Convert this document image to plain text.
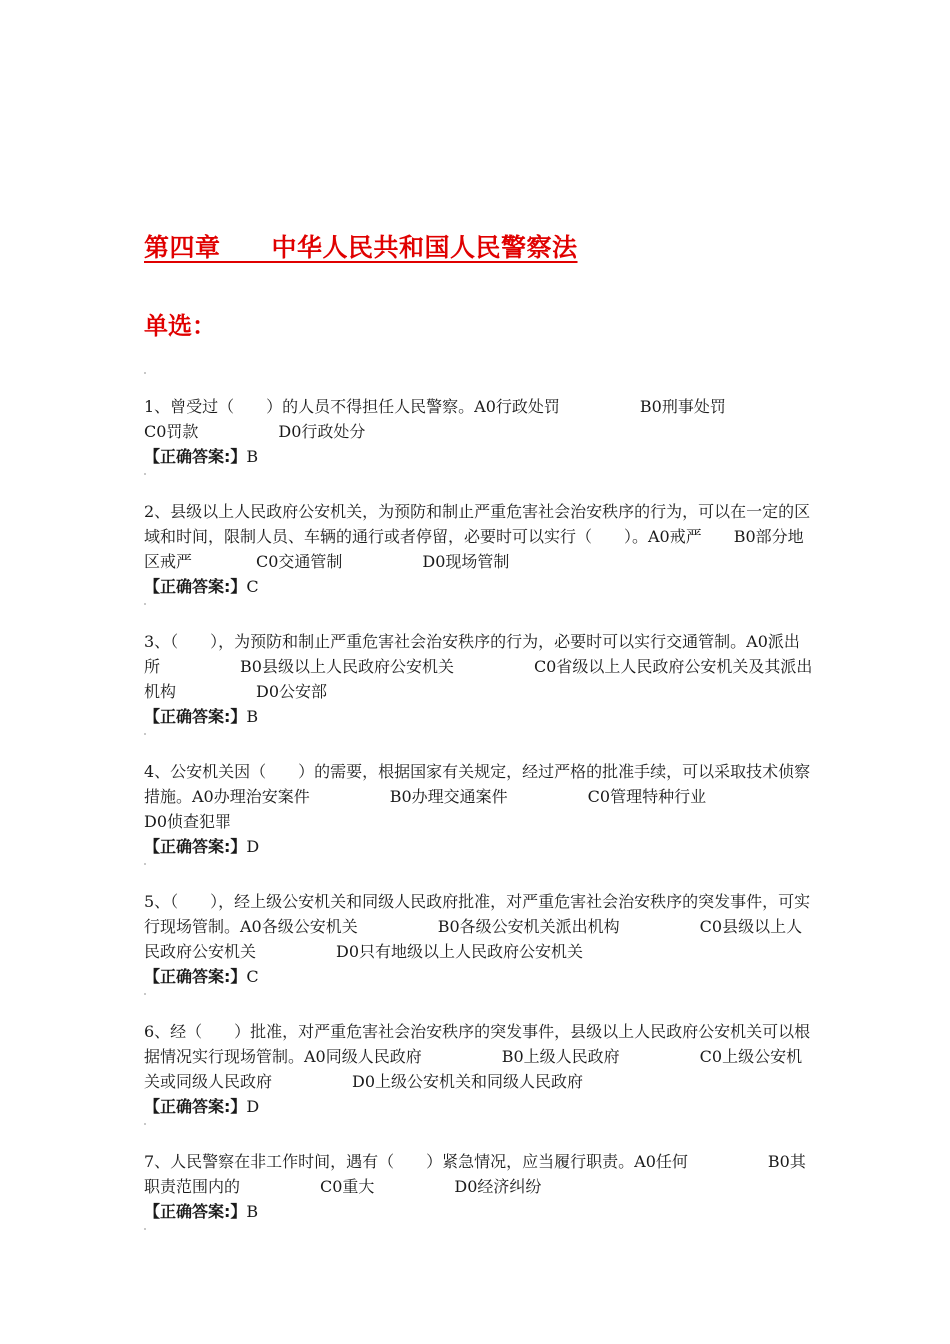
第四章　　中华人民共和国人民警察法
单选：

1、曾受过（　　）的人员不得担任人民警察。A0行政处罚　　　　　B0刑事处罚
C0罚款　　　　　D0行政处分

【正确答案:】B

2、县级以上人民政府公安机关，为预防和制止严重危害社会治安秩序的行为，可以在一定的区域和时间，限制人员、车辆的通行或者停留，必要时可以实行（　　）。A0戒严　　B0部分地区戒严　　　　C0交通管制　　　　　D0现场管制

【正确答案:】C

3、（　　），为预防和制止严重危害社会治安秩序的行为，必要时可以实行交通管制。A0派出所　　　　　B0县级以上人民政府公安机关　　　　　C0省级以上人民政府公安机关及其派出机构　　　　　D0公安部

【正确答案:】B

4、公安机关因（　　）的需要，根据国家有关规定，经过严格的批准手续，可以采取技术侦察措施。A0办理治安案件　　　　　B0办理交通案件　　　　　C0管理特种行业
D0侦查犯罪

【正确答案:】D

5、（　　），经上级公安机关和同级人民政府批准，对严重危害社会治安秩序的突发事件，可实行现场管制。A0各级公安机关　　　　　B0各级公安机关派出机构　　　　　C0县级以上人民政府公安机关　　　　　D0只有地级以上人民政府公安机关

【正确答案:】C

6、经（　　）批准，对严重危害社会治安秩序的突发事件，县级以上人民政府公安机关可以根据情况实行现场管制。A0同级人民政府　　　　　B0上级人民政府　　　　　C0上级公安机关或同级人民政府　　　　　D0上级公安机关和同级人民政府

【正确答案:】D

7、人民警察在非工作时间，遇有（　　）紧急情况，应当履行职责。A0任何　　　　　B0其职责范围内的　　　　　C0重大　　　　　D0经济纠纷

【正确答案:】B
